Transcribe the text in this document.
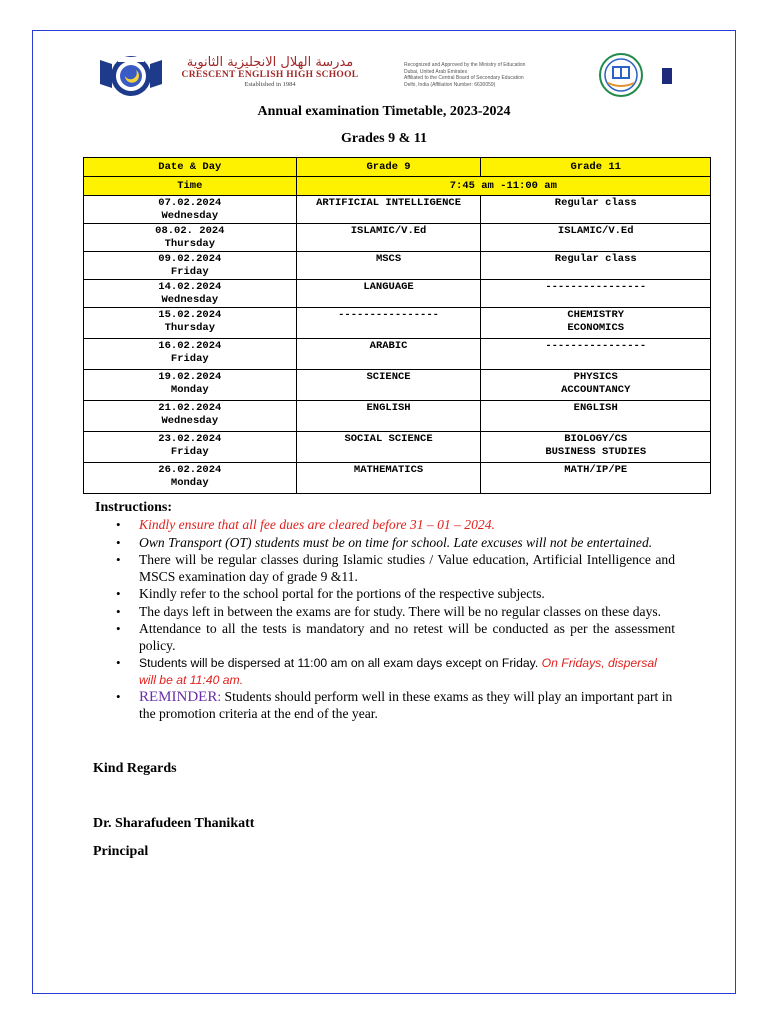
مدرسة الهلال الانجليزية الثانوية
CRESCENT ENGLISH HIGH SCHOOL
Established in 1984
Recognized and Approved by the Ministry of Education
Dubai, United Arab Emirates
Affiliated to the Central Board of Secondary Education
Delhi, India (Affiliation Number: 6630059)
Annual examination Timetable, 2023-2024
Grades 9 & 11
Date & Day	Grade 9	Grade 11
Time	7:45 am -11:00 am	

07.02.2024
Wednesday	ARTIFICIAL INTELLIGENCE	Regular class

08.02. 2024
Thursday	ISLAMIC/V.Ed	ISLAMIC/V.Ed

09.02.2024
Friday	MSCS	Regular class

14.02.2024
Wednesday	LANGUAGE	----------------

15.02.2024
Thursday	----------------	CHEMISTRY
ECONOMICS

16.02.2024
Friday	ARABIC	----------------

19.02.2024
Monday	SCIENCE	PHYSICS
ACCOUNTANCY

21.02.2024
Wednesday	ENGLISH	ENGLISH

23.02.2024
Friday	SOCIAL SCIENCE	BIOLOGY/CS
BUSINESS STUDIES

26.02.2024
Monday	MATHEMATICS	MATH/IP/PE
Instructions:
• Kindly ensure that all fee dues are cleared before 31 – 01 – 2024.
• Own Transport (OT) students must be on time for school. Late excuses will not be entertained.
• There will be regular classes during Islamic studies / Value education, Artificial Intelligence and MSCS examination day of grade 9 &11.
• Kindly refer to the school portal for the portions of the respective subjects.
• The days left in between the exams are for study. There will be no regular classes on these days.
• Attendance to all the tests is mandatory and no retest will be conducted as per the assessment policy.
• Students will be dispersed at 11:00 am on all exam days except on Friday. On Fridays, dispersal will be at 11:40 am.
• REMINDER: Students should perform well in these exams as they will play an important part in the promotion criteria at the end of the year.
Kind Regards
Dr. Sharafudeen Thanikatt
Principal
